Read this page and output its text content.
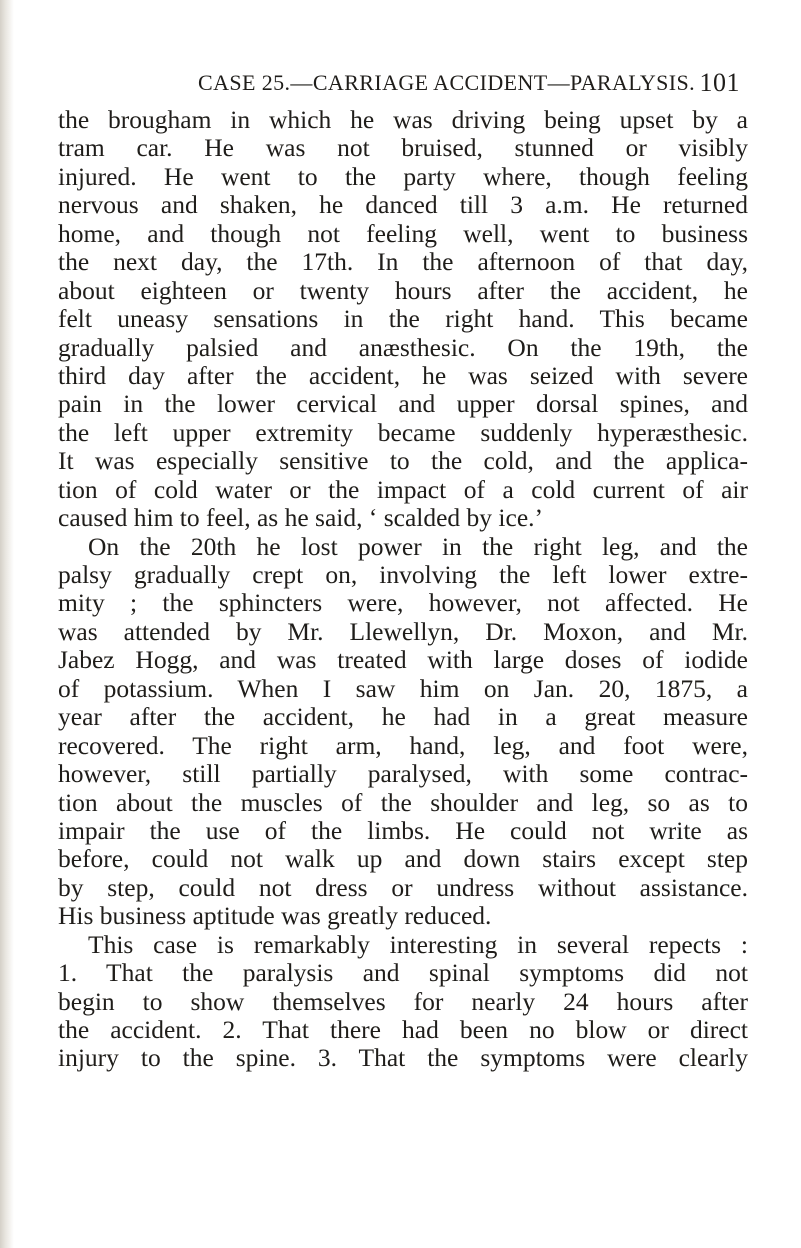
CASE 25.—CARRIAGE ACCIDENT—PARALYSIS. 101
the brougham in which he was driving being upset by a
tram car. He was not bruised, stunned or visibly
injured. He went to the party where, though feeling
nervous and shaken, he danced till 3 a.m. He returned
home, and though not feeling well, went to business
the next day, the 17th. In the afternoon of that day,
about eighteen or twenty hours after the accident, he
felt uneasy sensations in the right hand. This became
gradually palsied and anæsthesic. On the 19th, the
third day after the accident, he was seized with severe
pain in the lower cervical and upper dorsal spines, and
the left upper extremity became suddenly hyperæsthesic.
It was especially sensitive to the cold, and the applica-
tion of cold water or the impact of a cold current of air
caused him to feel, as he said, ‘ scalded by ice.’
On the 20th he lost power in the right leg, and the
palsy gradually crept on, involving the left lower extre-
mity ; the sphincters were, however, not affected. He
was attended by Mr. Llewellyn, Dr. Moxon, and Mr.
Jabez Hogg, and was treated with large doses of iodide
of potassium. When I saw him on Jan. 20, 1875, a
year after the accident, he had in a great measure
recovered. The right arm, hand, leg, and foot were,
however, still partially paralysed, with some contrac-
tion about the muscles of the shoulder and leg, so as to
impair the use of the limbs. He could not write as
before, could not walk up and down stairs except step
by step, could not dress or undress without assistance.
His business aptitude was greatly reduced.
This case is remarkably interesting in several repects :
1. That the paralysis and spinal symptoms did not
begin to show themselves for nearly 24 hours after
the accident. 2. That there had been no blow or direct
injury to the spine. 3. That the symptoms were clearly
